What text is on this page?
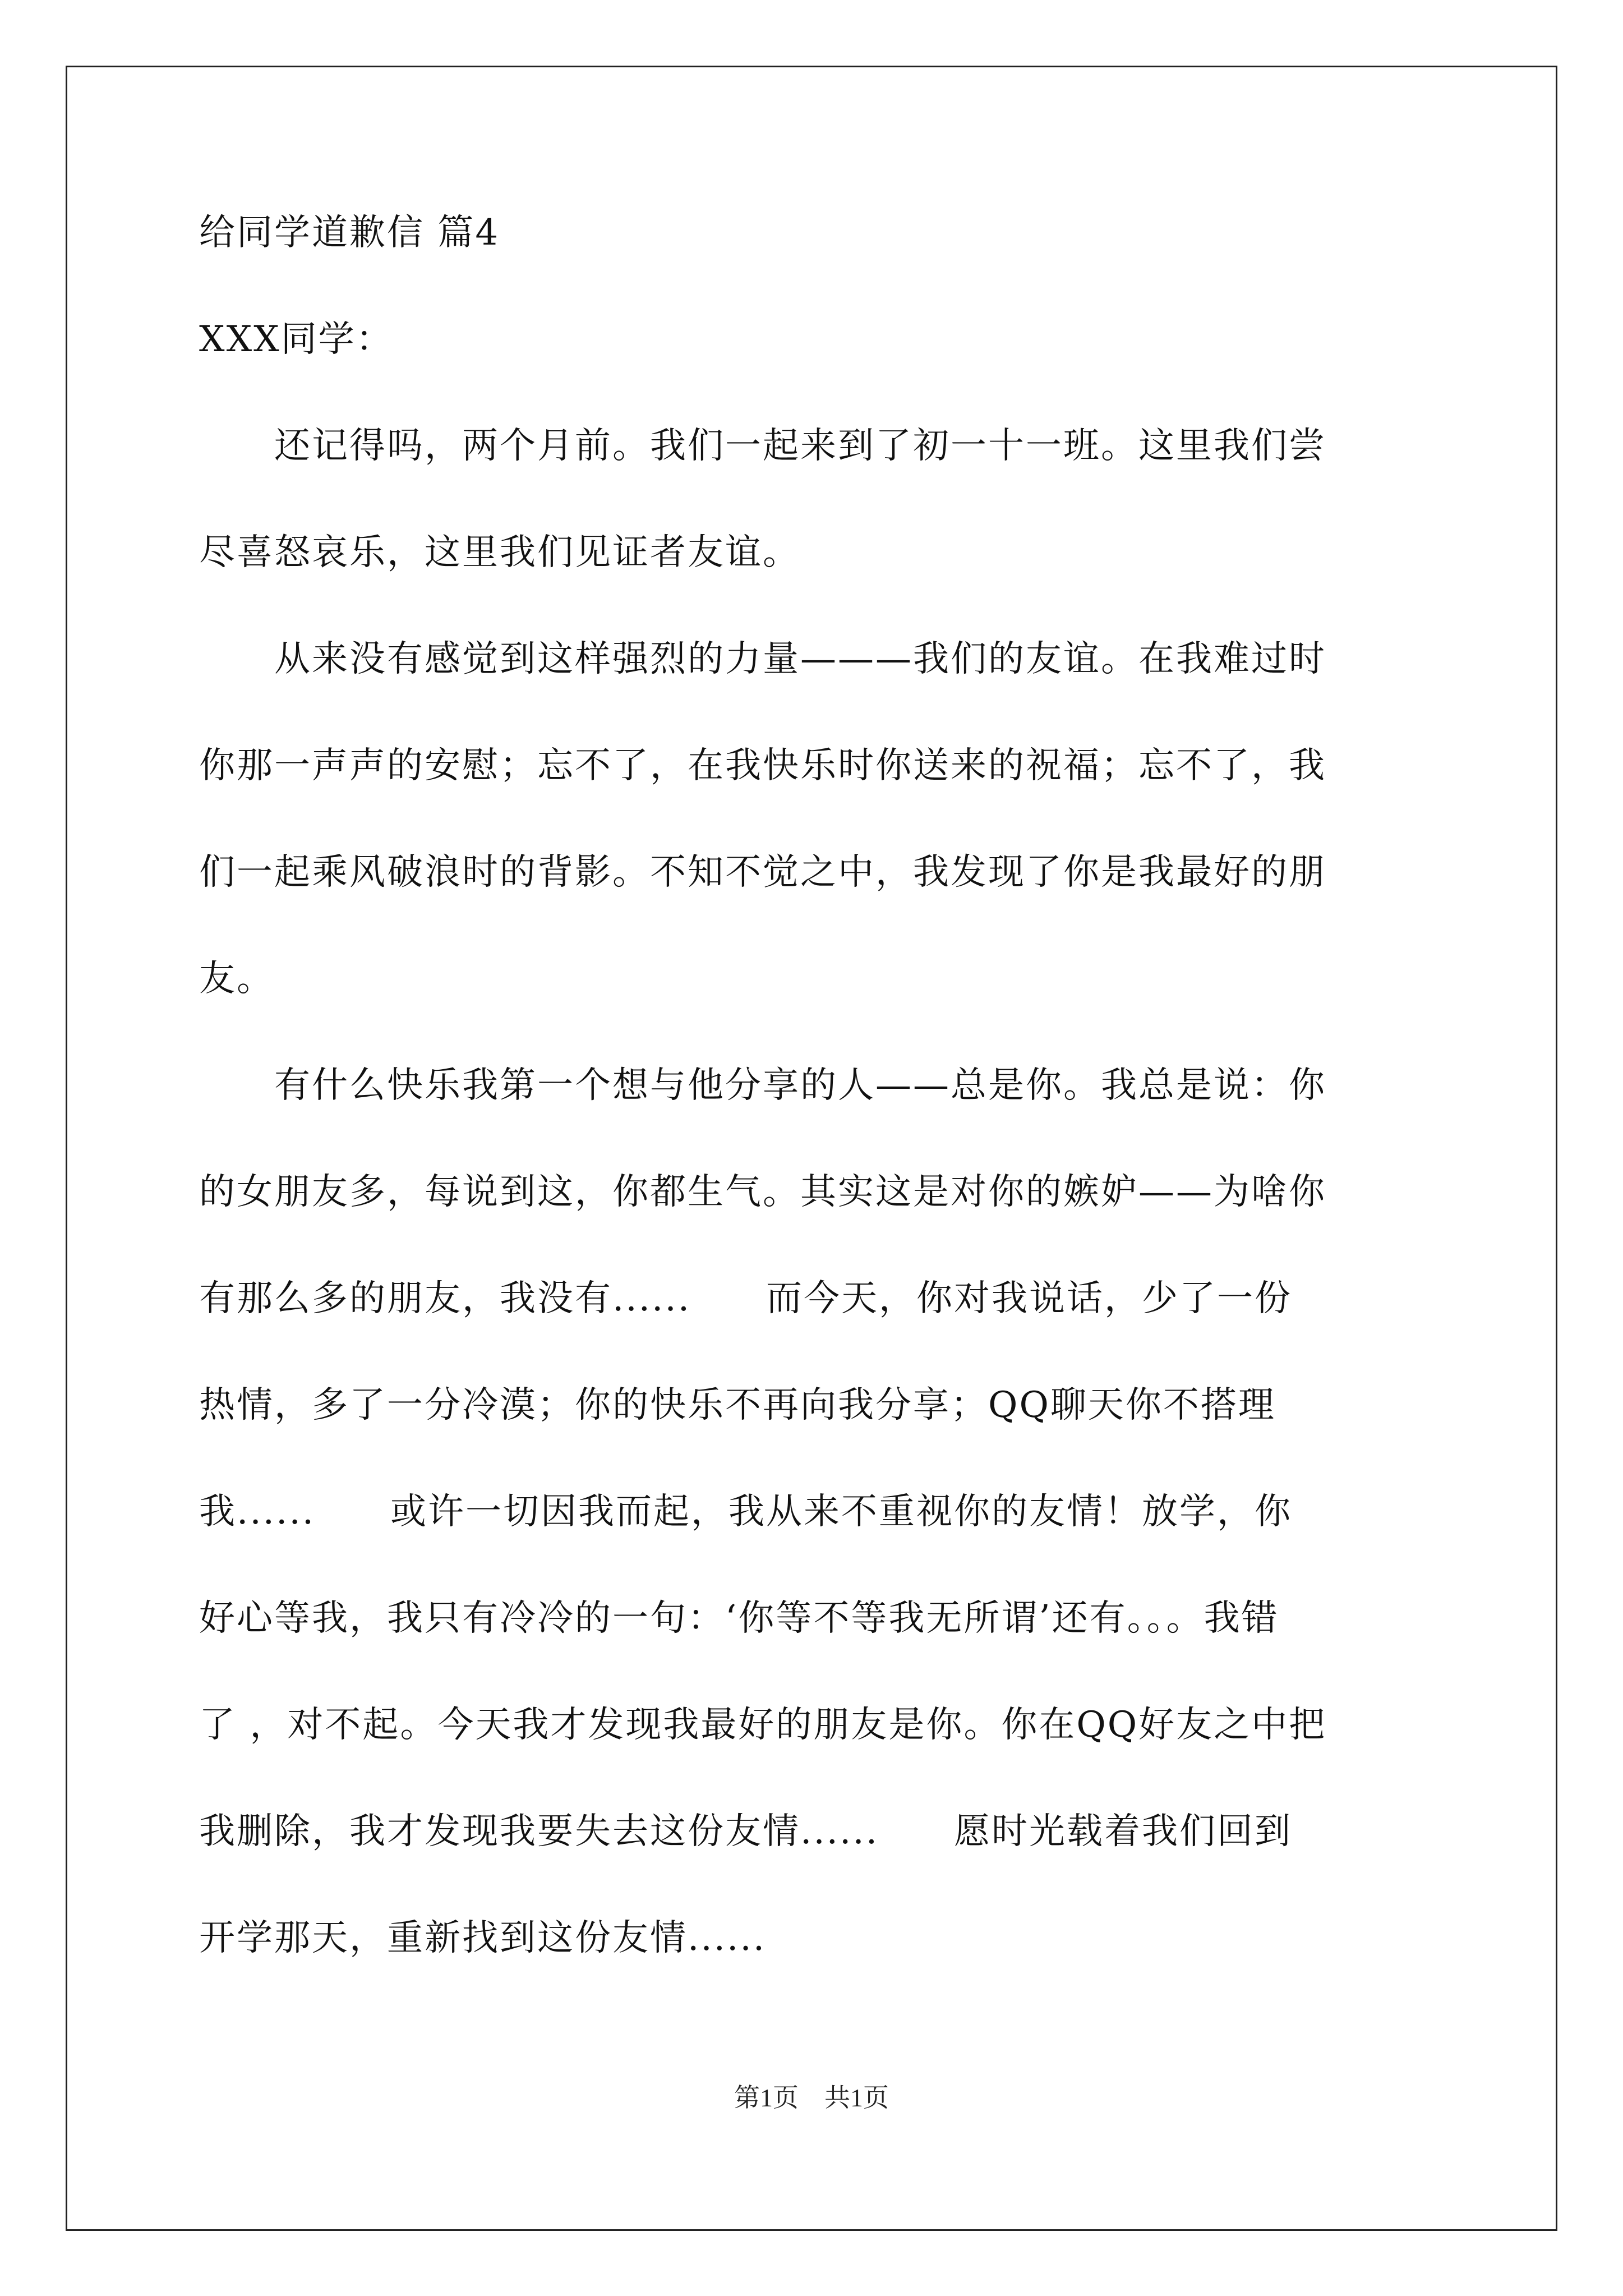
给同学道歉信 篇4
XXX同学：
　　还记得吗，两个月前。我们一起来到了初一十一班。这里我们尝
尽喜怒哀乐，这里我们见证者友谊。
　　从来没有感觉到这样强烈的力量———我们的友谊。在我难过时
你那一声声的安慰；忘不了，在我快乐时你送来的祝福；忘不了，我
们一起乘风破浪时的背影。不知不觉之中，我发现了你是我最好的朋
友。
　　有什么快乐我第一个想与他分享的人——总是你。我总是说：你
的女朋友多，每说到这，你都生气。其实这是对你的嫉妒——为啥你
有那么多的朋友，我没有......　　而今天，你对我说话，少了一份
热情，多了一分冷漠；你的快乐不再向我分享；QQ聊天你不搭理
我......　　或许一切因我而起，我从来不重视你的友情！放学，你
好心等我，我只有冷冷的一句：‘你等不等我无所谓’还有。。。我错
了 ，对不起。今天我才发现我最好的朋友是你。你在QQ好友之中把
我删除，我才发现我要失去这份友情......　　愿时光载着我们回到
开学那天，重新找到这份友情......
第1页　共1页
